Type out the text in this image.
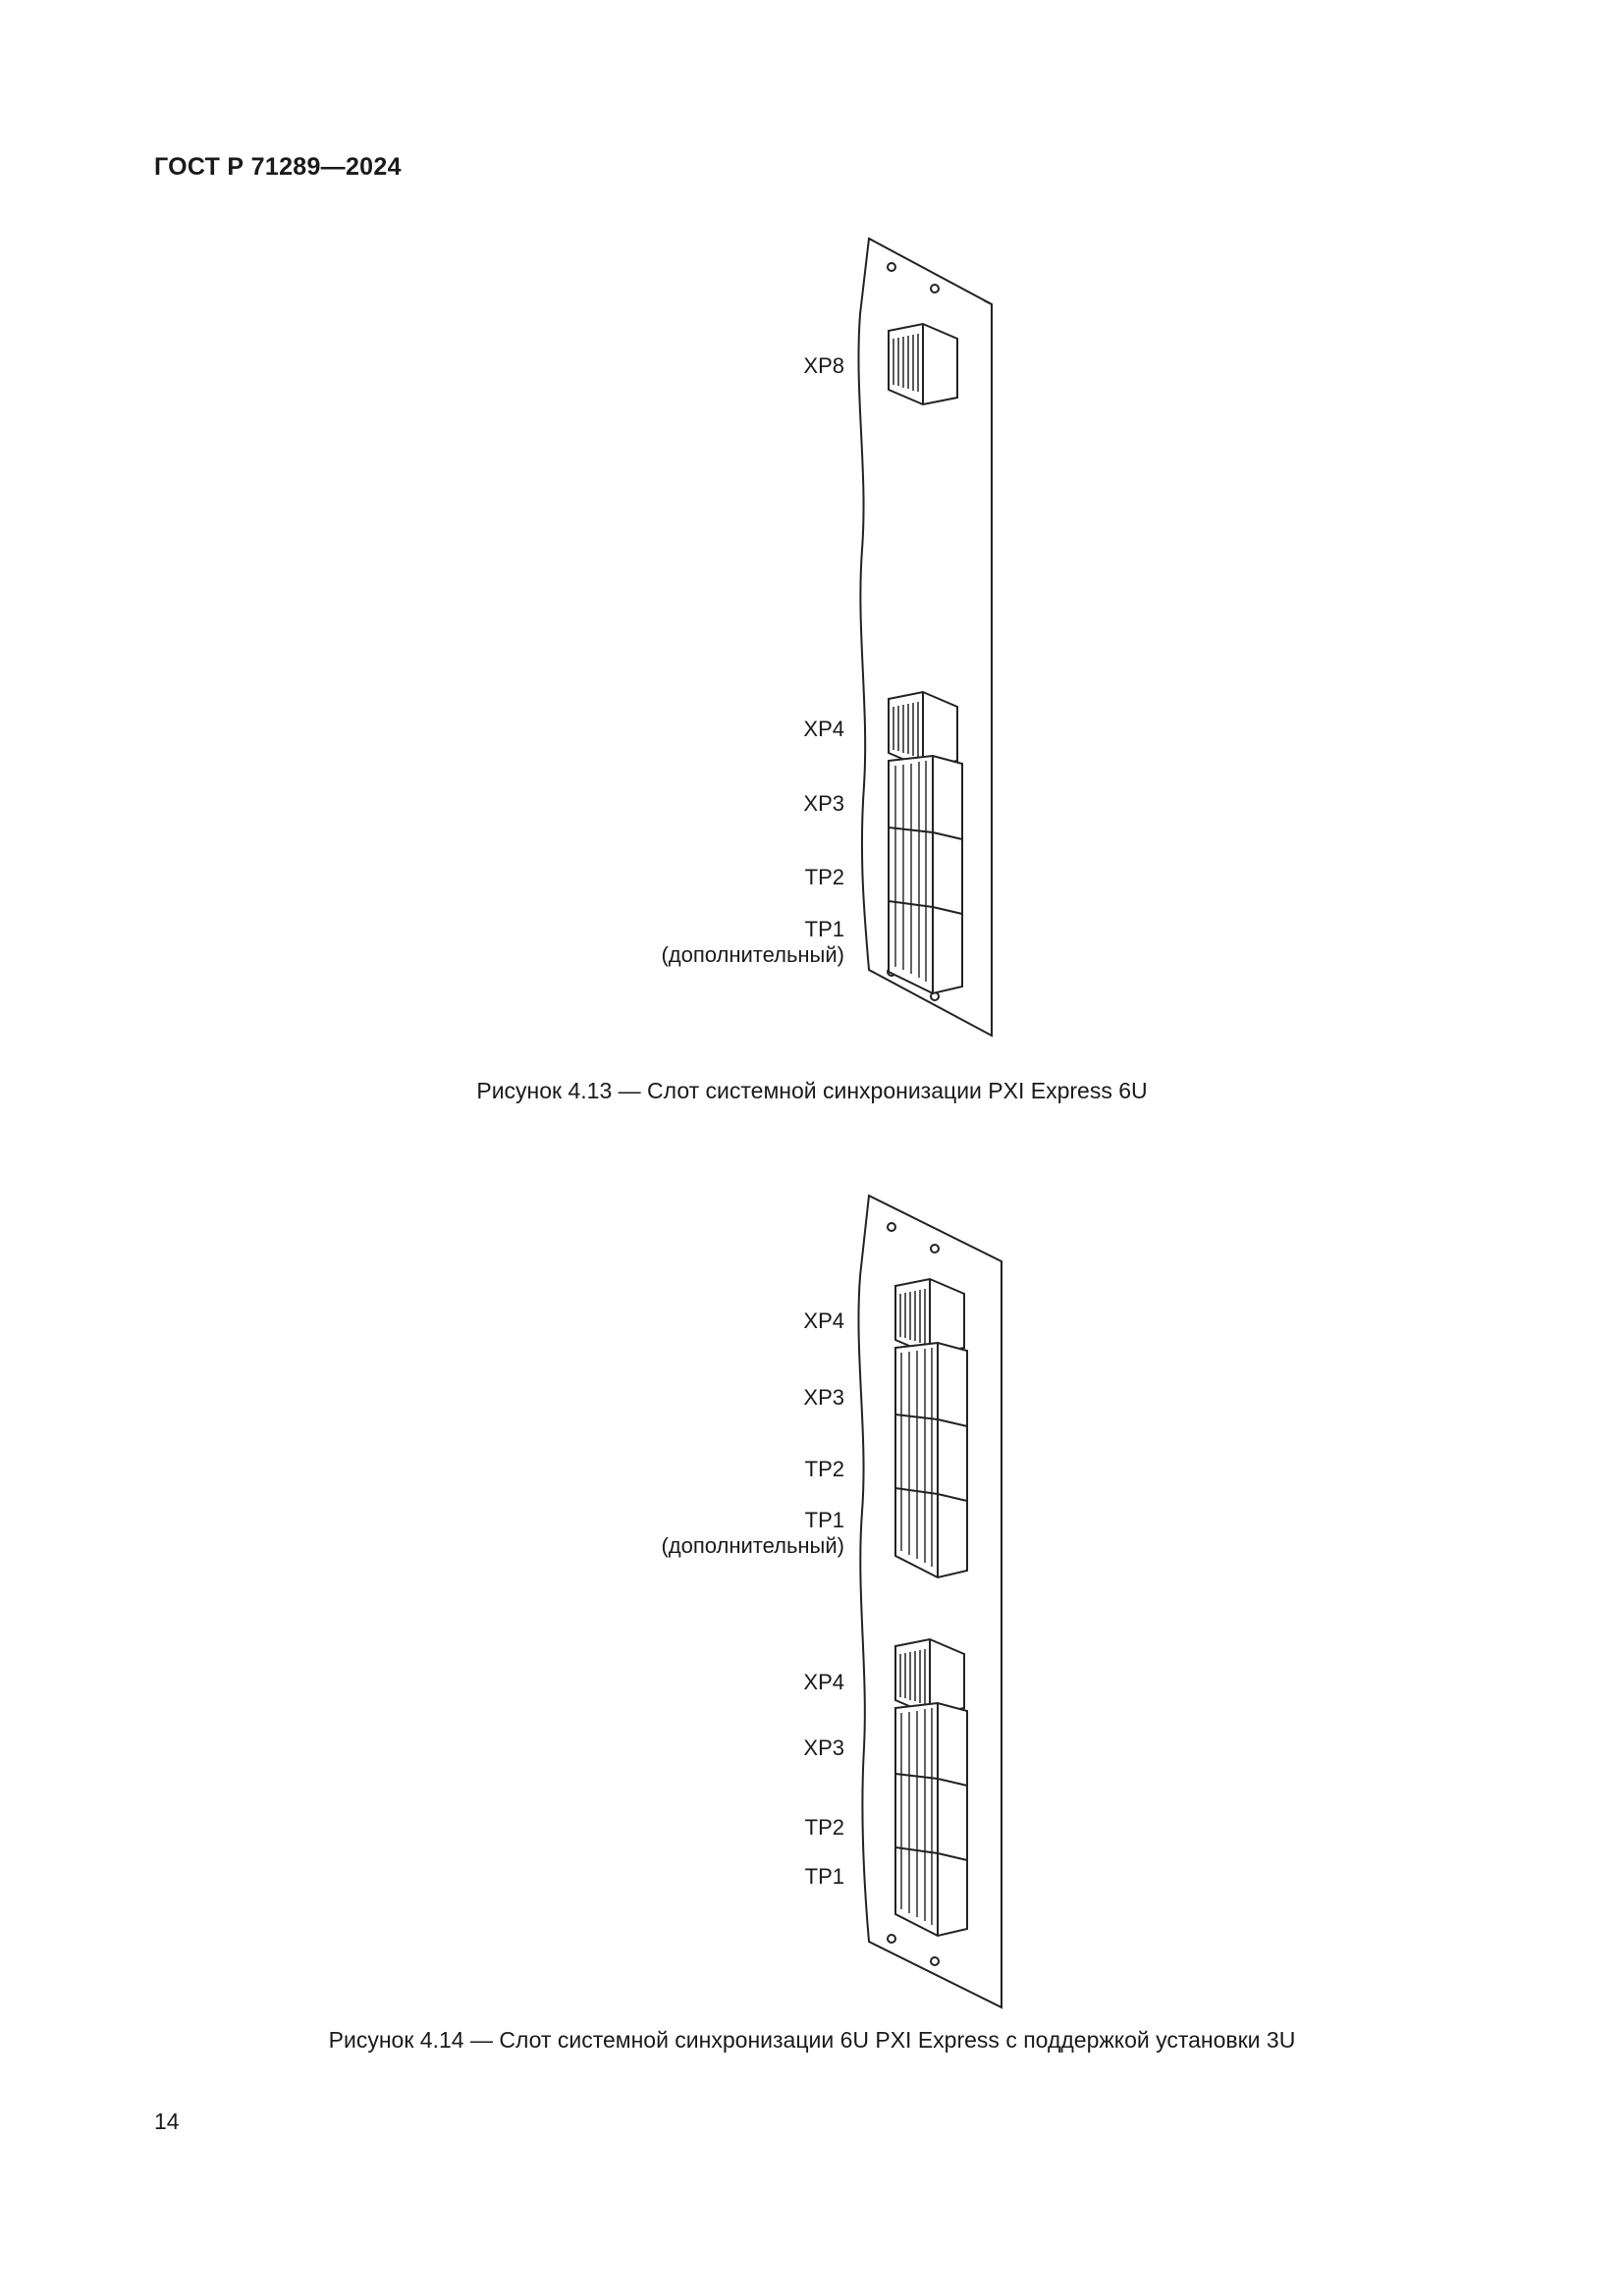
ГОСТ Р 71289—2024
XP8
XP4
XP3
TP2
TP1
(дополнительный)
Рисунок 4.13 — Слот системной синхронизации PXI Express 6U
XP4
XP3
TP2
TP1
(дополнительный)
XP4
XP3
TP2
TP1
Рисунок 4.14 — Слот системной синхронизации 6U PXI Express с поддержкой установки 3U
14
